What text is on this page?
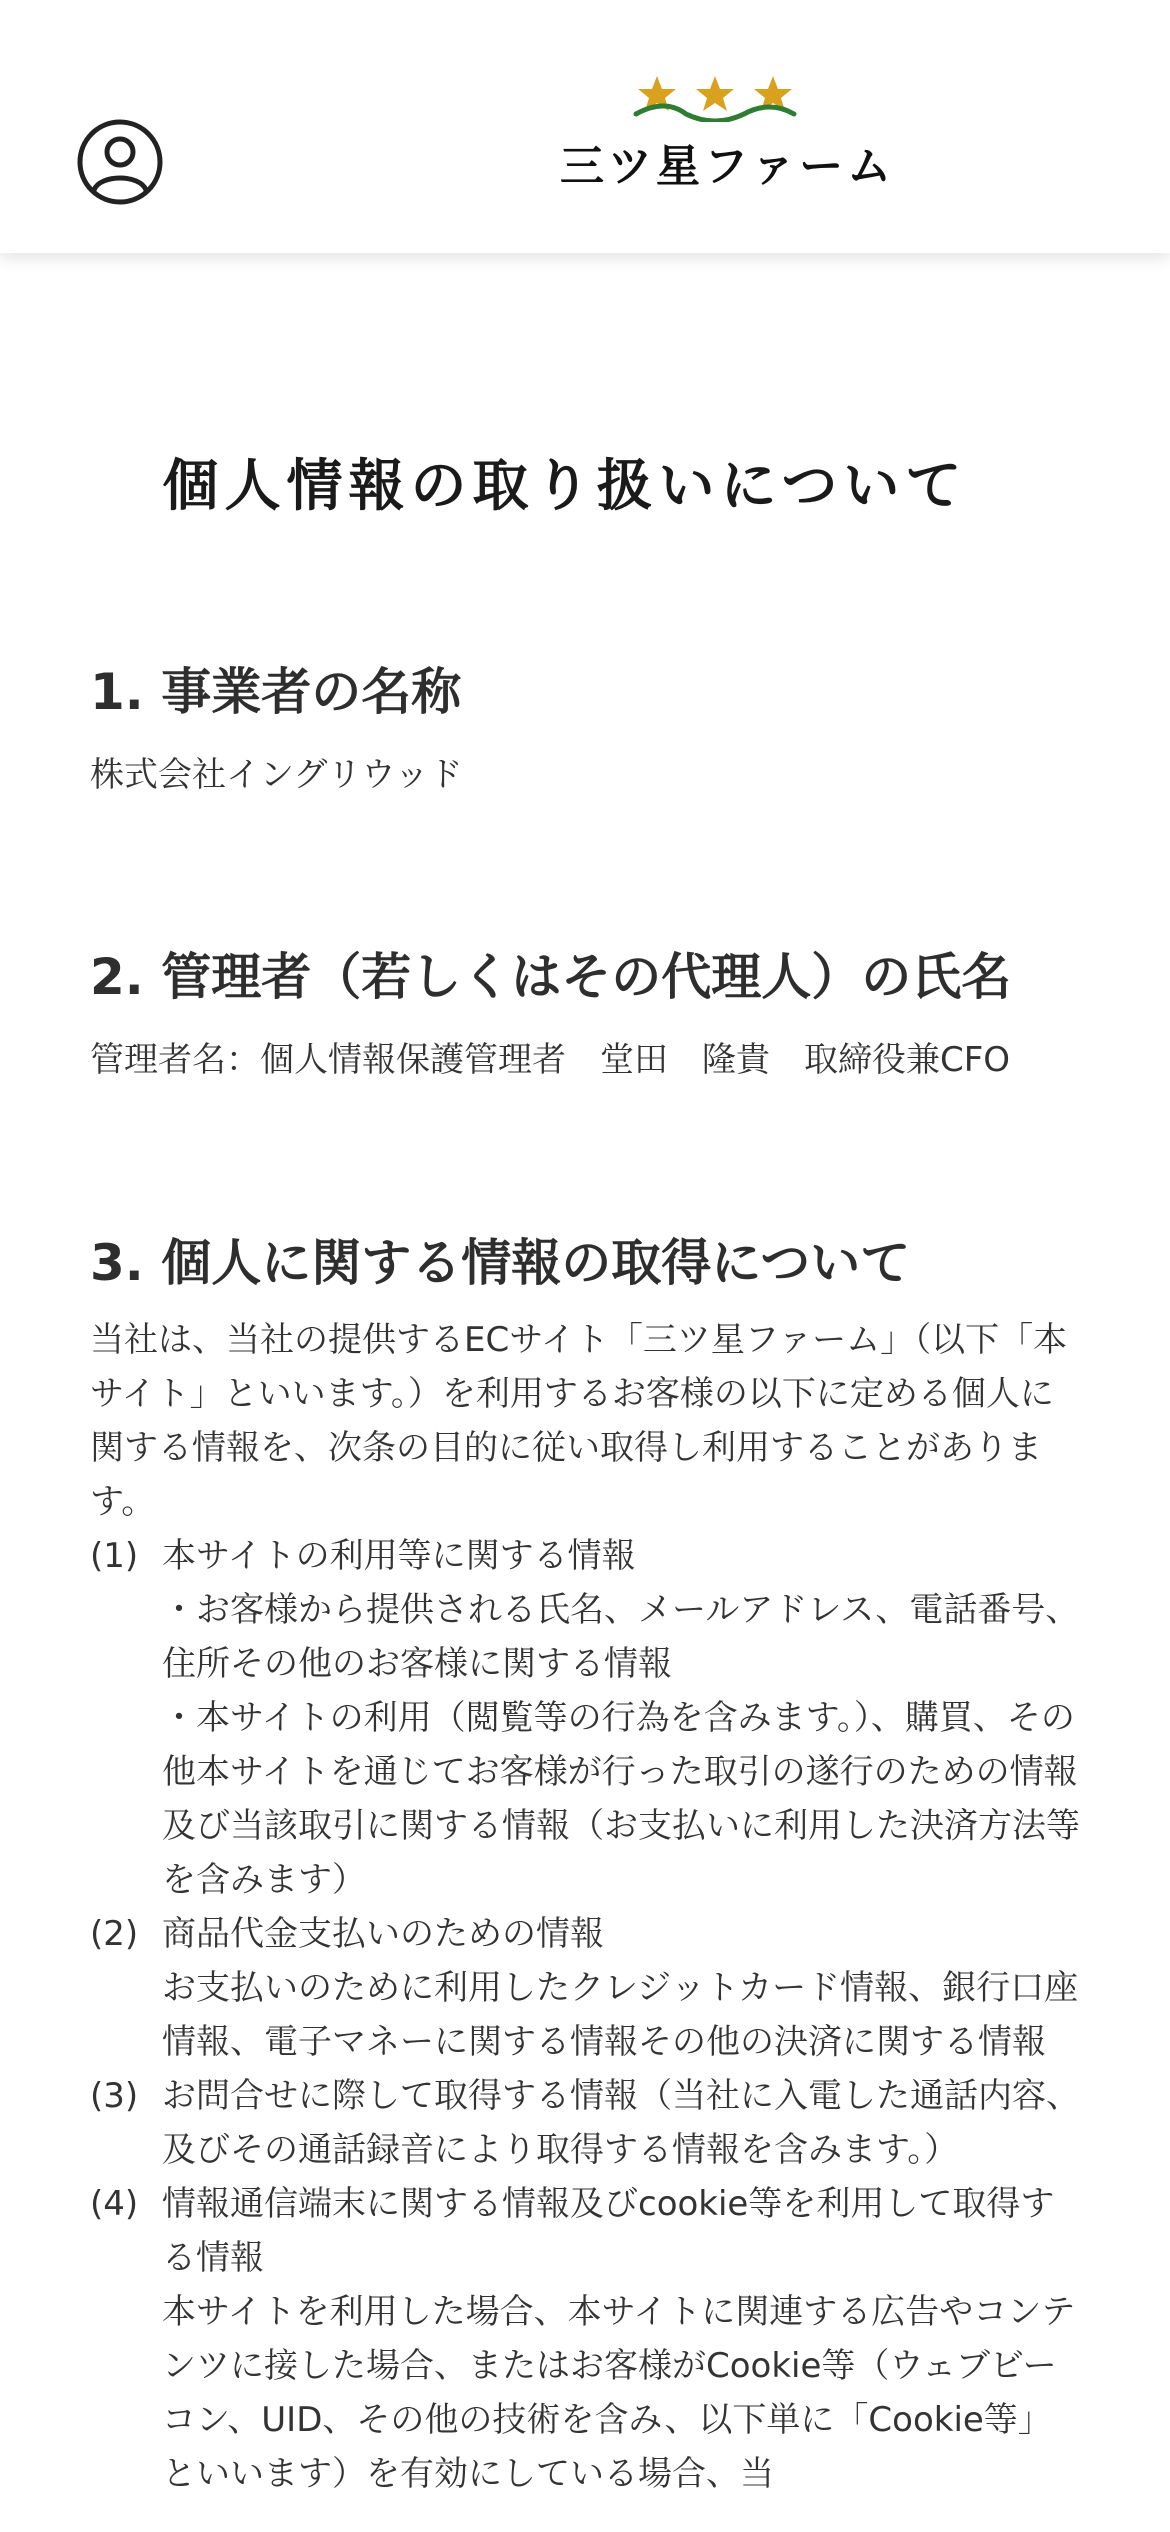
三ツ星ファーム
個人情報の取り扱いについて
1. 事業者の名称

株式会社イングリウッド

2. 管理者（若しくはその代理人）の氏名

管理者名：個人情報保護管理者　堂田　隆貴　取締役兼CFO

3. 個人に関する情報の取得について

当社は、当社の提供するECサイト「三ツ星ファーム」（以下「本サイト」といいます。）を利用するお客様の以下に定める個人に関する情報を、次条の目的に従い取得し利用することがあります。

(1) 本サイトの利用等に関する情報

・お客様から提供される氏名、メールアドレス、電話番号、住所その他のお客様に関する情報

・本サイトの利用（閲覧等の行為を含みます。）、購買、その他本サイトを通じてお客様が行った取引の遂行のための情報及び当該取引に関する情報（お支払いに利用した決済方法等を含みます）

(2) 商品代金支払いのための情報

お支払いのために利用したクレジットカード情報、銀行口座情報、電子マネーに関する情報その他の決済に関する情報

(3) お問合せに際して取得する情報（当社に入電した通話内容、及びその通話録音により取得する情報を含みます。）

(4) 情報通信端末に関する情報及びcookie等を利用して取得する情報

本サイトを利用した場合、本サイトに関連する広告やコンテンツに接した場合、またはお客様がCookie等（ウェブビーコン、UID、その他の技術を含み、以下単に「Cookie等」といいます）を有効にしている場合、当
